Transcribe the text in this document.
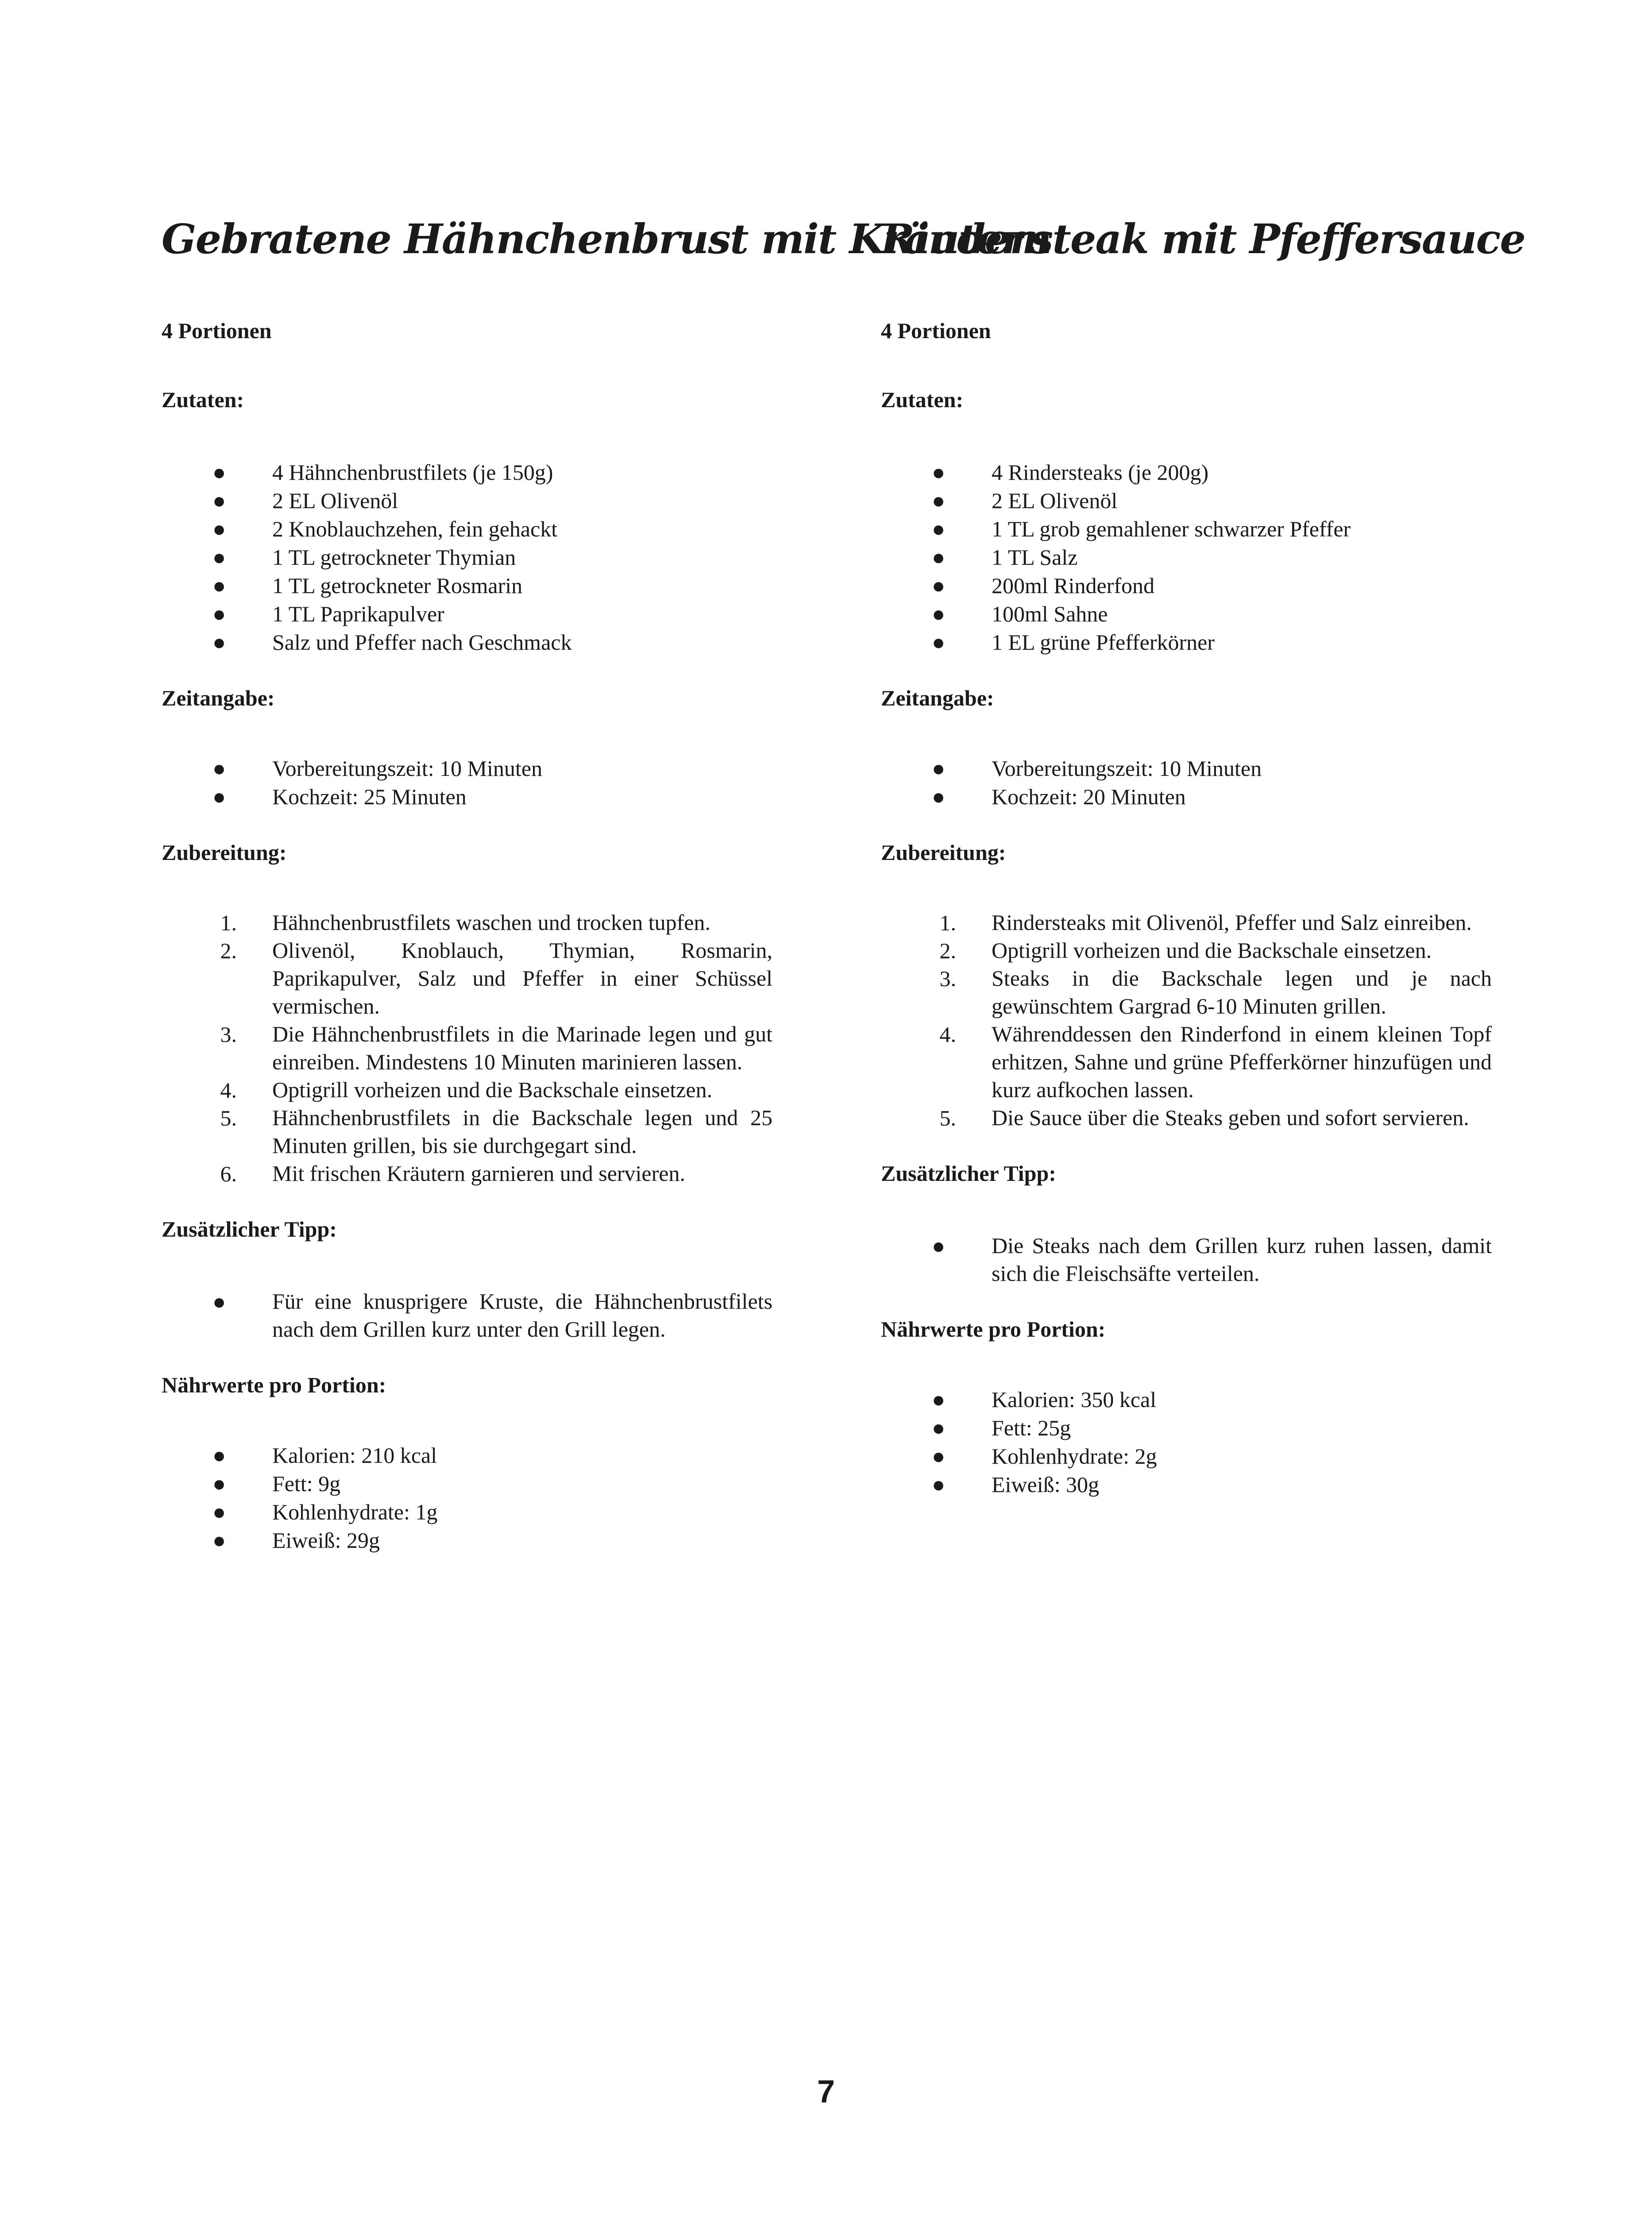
Gebratene Hähnchenbrust mit Kräutern
4 Portionen
Zutaten:
● 4 Hähnchenbrustfilets (je 150g)
● 2 EL Olivenöl
● 2 Knoblauchzehen, fein gehackt
● 1 TL getrockneter Thymian
● 1 TL getrockneter Rosmarin
● 1 TL Paprikapulver
● Salz und Pfeffer nach Geschmack
Zeitangabe:
● Vorbereitungszeit: 10 Minuten
● Kochzeit: 25 Minuten
Zubereitung:
1. Hähnchenbrustfilets waschen und trocken tupfen.
2. Olivenöl, Knoblauch, Thymian, Rosmarin, Paprikapulver, Salz und Pfeffer in einer Schüssel vermischen.
3. Die Hähnchenbrustfilets in die Marinade legen und gut einreiben. Mindestens 10 Minuten marinieren lassen.
4. Optigrill vorheizen und die Backschale einsetzen.
5. Hähnchenbrustfilets in die Backschale legen und 25 Minuten grillen, bis sie durchgegart sind.
6. Mit frischen Kräutern garnieren und servieren.
Zusätzlicher Tipp:
● Für eine knusprigere Kruste, die Hähnchenbrustfilets nach dem Grillen kurz unter den Grill legen.
Nährwerte pro Portion:
● Kalorien: 210 kcal
● Fett: 9g
● Kohlenhydrate: 1g
● Eiweiß: 29g
Rindersteak mit Pfeffersauce
4 Portionen
Zutaten:
● 4 Rindersteaks (je 200g)
● 2 EL Olivenöl
● 1 TL grob gemahlener schwarzer Pfeffer
● 1 TL Salz
● 200ml Rinderfond
● 100ml Sahne
● 1 EL grüne Pfefferkörner
Zeitangabe:
● Vorbereitungszeit: 10 Minuten
● Kochzeit: 20 Minuten
Zubereitung:
1. Rindersteaks mit Olivenöl, Pfeffer und Salz einreiben.
2. Optigrill vorheizen und die Backschale einsetzen.
3. Steaks in die Backschale legen und je nach gewünschtem Gargrad 6-10 Minuten grillen.
4. Währenddessen den Rinderfond in einem kleinen Topf erhitzen, Sahne und grüne Pfefferkörner hinzufügen und kurz aufkochen lassen.
5. Die Sauce über die Steaks geben und sofort servieren.
Zusätzlicher Tipp:
● Die Steaks nach dem Grillen kurz ruhen lassen, damit sich die Fleischsäfte verteilen.
Nährwerte pro Portion:
● Kalorien: 350 kcal
● Fett: 25g
● Kohlenhydrate: 2g
● Eiweiß: 30g
7
